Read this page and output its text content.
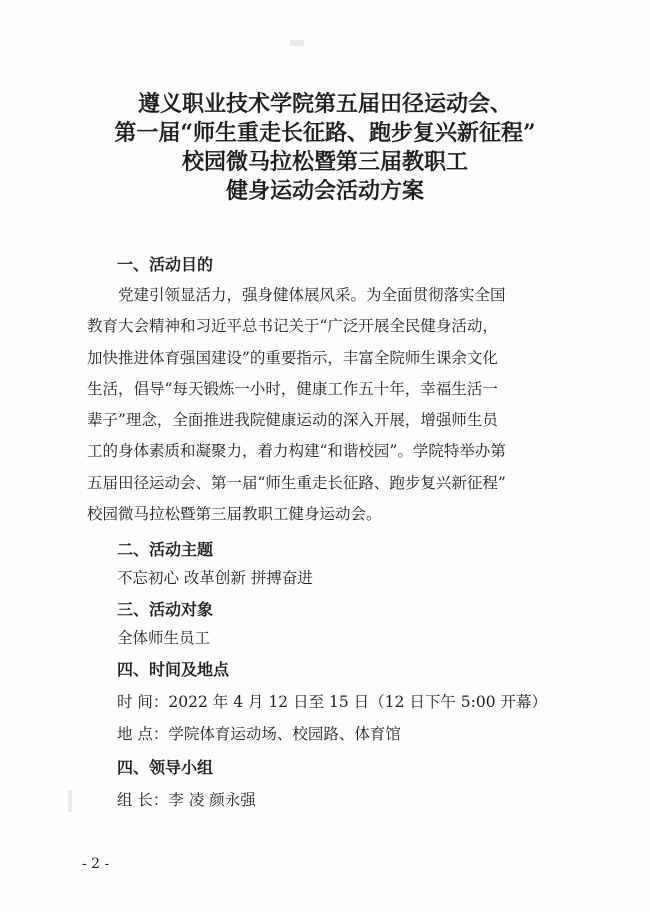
遵义职业技术学院第五届田径运动会、
第一届“师生重走长征路、跑步复兴新征程”
校园微马拉松暨第三届教职工
健身运动会活动方案
一、活动目的
　　党建引领显活力，强身健体展风采。为全面贯彻落实全国
教育大会精神和习近平总书记关于“广泛开展全民健身活动，
加快推进体育强国建设”的重要指示，丰富全院师生课余文化
生活，倡导“每天锻炼一小时，健康工作五十年，幸福生活一
辈子”理念，全面推进我院健康运动的深入开展，增强师生员
工的身体素质和凝聚力，着力构建“和谐校园”。学院特举办第
五届田径运动会、第一届“师生重走长征路、跑步复兴新征程”
校园微马拉松暨第三届教职工健身运动会。
二、活动主题
不忘初心 改革创新 拼搏奋进
三、活动对象
全体师生员工
四、时间及地点
时 间：2022 年 4 月 12 日至 15 日（12 日下午 5:00 开幕）
地 点：学院体育运动场、校园路、体育馆
四、领导小组
组 长：李 凌 颜永强
- 2 -
